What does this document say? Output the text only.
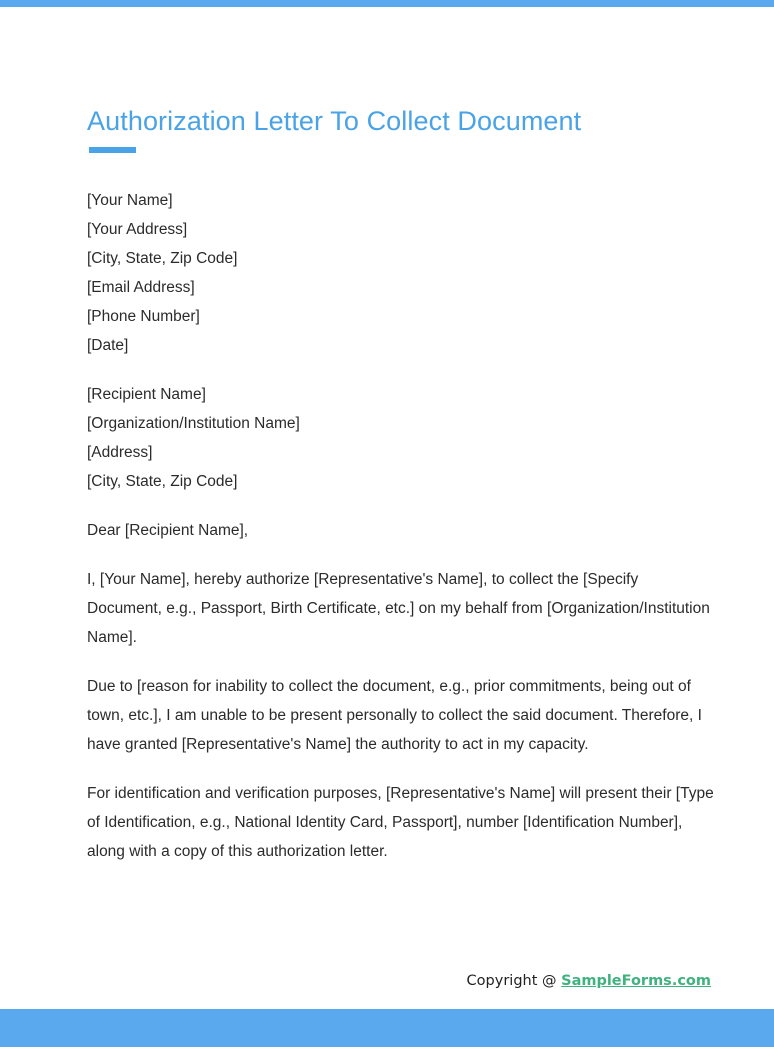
Authorization Letter To Collect Document
[Your Name]
[Your Address]
[City, State, Zip Code]
[Email Address]
[Phone Number]
[Date]
[Recipient Name]
[Organization/Institution Name]
[Address]
[City, State, Zip Code]

Dear [Recipient Name],

I, [Your Name], hereby authorize [Representative's Name], to collect the [Specify Document, e.g., Passport, Birth Certificate, etc.] on my behalf from [Organization/Institution Name].

Due to [reason for inability to collect the document, e.g., prior commitments, being out of town, etc.], I am unable to be present personally to collect the said document. Therefore, I have granted [Representative's Name] the authority to act in my capacity.

For identification and verification purposes, [Representative's Name] will present their [Type of Identification, e.g., National Identity Card, Passport], number [Identification Number], along with a copy of this authorization letter.

Copyright @ SampleForms.com
